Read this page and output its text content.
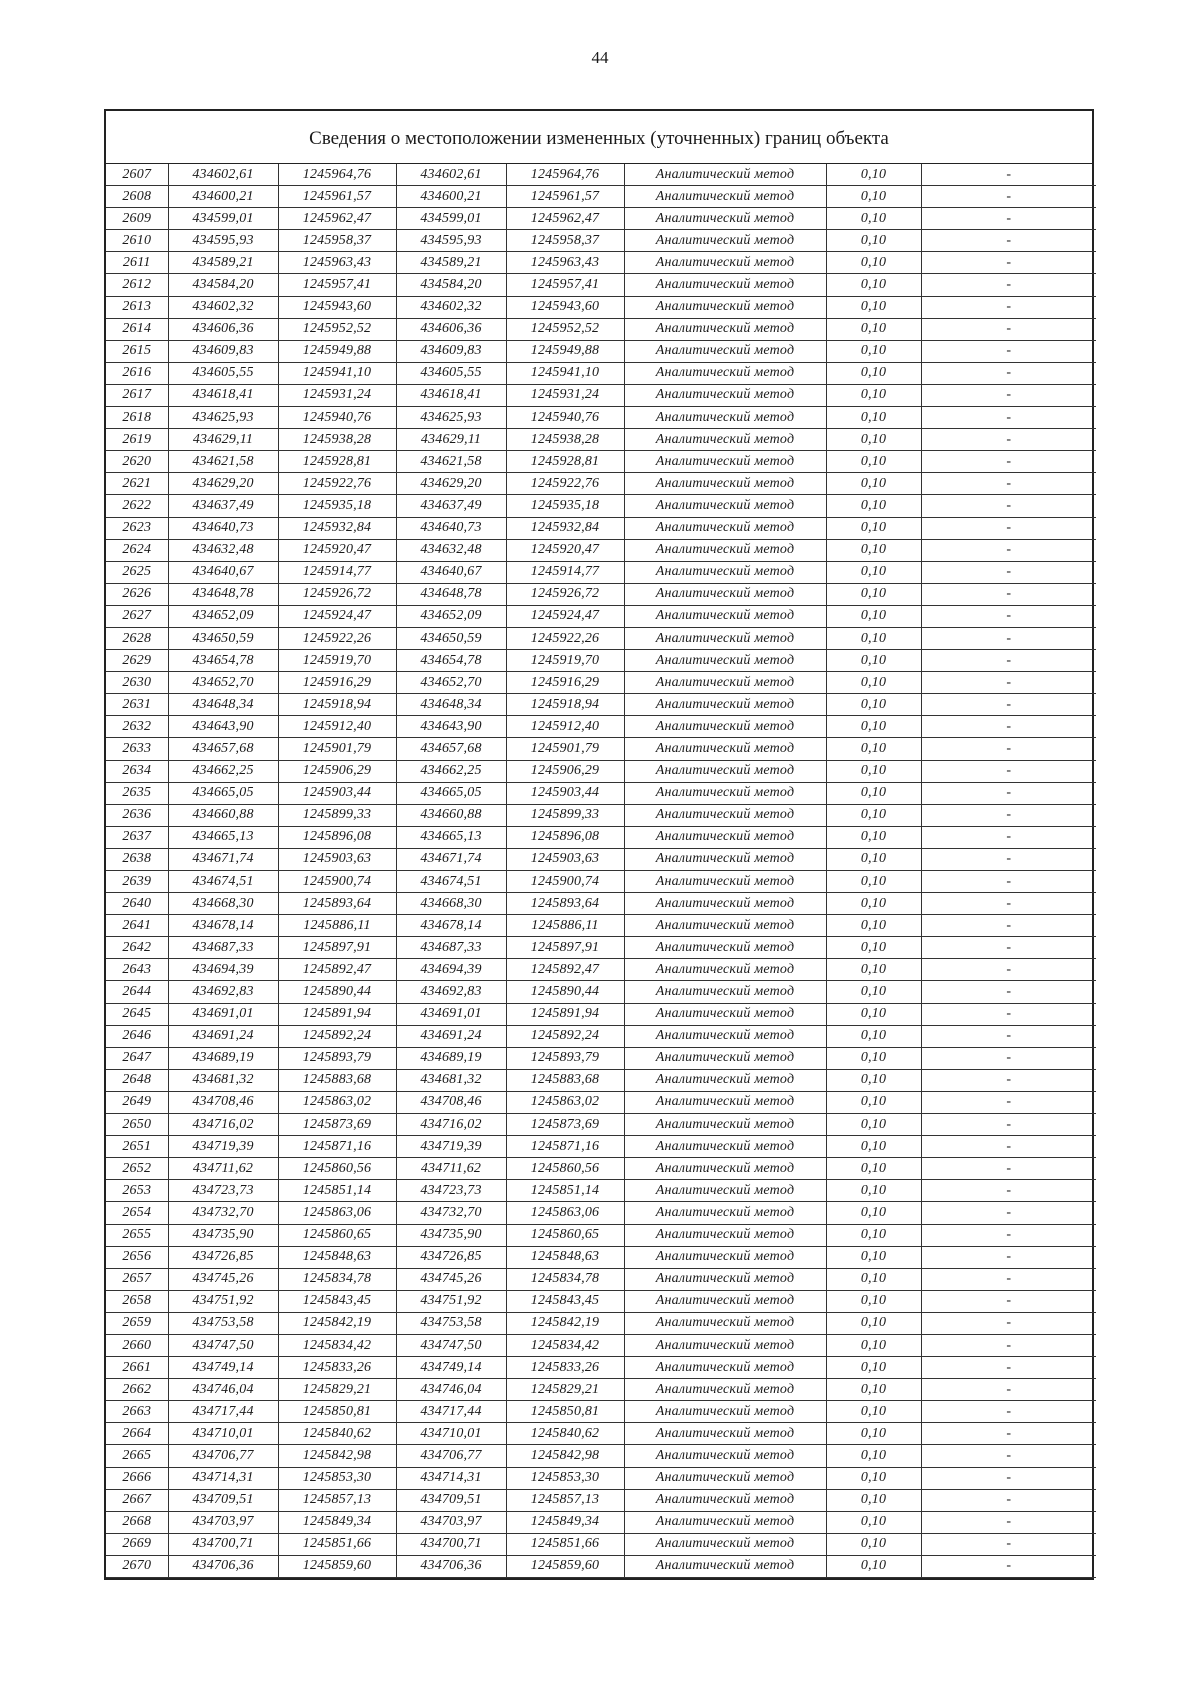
44
Сведения о местоположении измененных (уточненных) границ объекта
2607	434602,61	1245964,76	434602,61	1245964,76	Аналитический метод	0,10	-
2608	434600,21	1245961,57	434600,21	1245961,57	Аналитический метод	0,10	-
2609	434599,01	1245962,47	434599,01	1245962,47	Аналитический метод	0,10	-
2610	434595,93	1245958,37	434595,93	1245958,37	Аналитический метод	0,10	-
2611	434589,21	1245963,43	434589,21	1245963,43	Аналитический метод	0,10	-
2612	434584,20	1245957,41	434584,20	1245957,41	Аналитический метод	0,10	-
2613	434602,32	1245943,60	434602,32	1245943,60	Аналитический метод	0,10	-
2614	434606,36	1245952,52	434606,36	1245952,52	Аналитический метод	0,10	-
2615	434609,83	1245949,88	434609,83	1245949,88	Аналитический метод	0,10	-
2616	434605,55	1245941,10	434605,55	1245941,10	Аналитический метод	0,10	-
2617	434618,41	1245931,24	434618,41	1245931,24	Аналитический метод	0,10	-
2618	434625,93	1245940,76	434625,93	1245940,76	Аналитический метод	0,10	-
2619	434629,11	1245938,28	434629,11	1245938,28	Аналитический метод	0,10	-
2620	434621,58	1245928,81	434621,58	1245928,81	Аналитический метод	0,10	-
2621	434629,20	1245922,76	434629,20	1245922,76	Аналитический метод	0,10	-
2622	434637,49	1245935,18	434637,49	1245935,18	Аналитический метод	0,10	-
2623	434640,73	1245932,84	434640,73	1245932,84	Аналитический метод	0,10	-
2624	434632,48	1245920,47	434632,48	1245920,47	Аналитический метод	0,10	-
2625	434640,67	1245914,77	434640,67	1245914,77	Аналитический метод	0,10	-
2626	434648,78	1245926,72	434648,78	1245926,72	Аналитический метод	0,10	-
2627	434652,09	1245924,47	434652,09	1245924,47	Аналитический метод	0,10	-
2628	434650,59	1245922,26	434650,59	1245922,26	Аналитический метод	0,10	-
2629	434654,78	1245919,70	434654,78	1245919,70	Аналитический метод	0,10	-
2630	434652,70	1245916,29	434652,70	1245916,29	Аналитический метод	0,10	-
2631	434648,34	1245918,94	434648,34	1245918,94	Аналитический метод	0,10	-
2632	434643,90	1245912,40	434643,90	1245912,40	Аналитический метод	0,10	-
2633	434657,68	1245901,79	434657,68	1245901,79	Аналитический метод	0,10	-
2634	434662,25	1245906,29	434662,25	1245906,29	Аналитический метод	0,10	-
2635	434665,05	1245903,44	434665,05	1245903,44	Аналитический метод	0,10	-
2636	434660,88	1245899,33	434660,88	1245899,33	Аналитический метод	0,10	-
2637	434665,13	1245896,08	434665,13	1245896,08	Аналитический метод	0,10	-
2638	434671,74	1245903,63	434671,74	1245903,63	Аналитический метод	0,10	-
2639	434674,51	1245900,74	434674,51	1245900,74	Аналитический метод	0,10	-
2640	434668,30	1245893,64	434668,30	1245893,64	Аналитический метод	0,10	-
2641	434678,14	1245886,11	434678,14	1245886,11	Аналитический метод	0,10	-
2642	434687,33	1245897,91	434687,33	1245897,91	Аналитический метод	0,10	-
2643	434694,39	1245892,47	434694,39	1245892,47	Аналитический метод	0,10	-
2644	434692,83	1245890,44	434692,83	1245890,44	Аналитический метод	0,10	-
2645	434691,01	1245891,94	434691,01	1245891,94	Аналитический метод	0,10	-
2646	434691,24	1245892,24	434691,24	1245892,24	Аналитический метод	0,10	-
2647	434689,19	1245893,79	434689,19	1245893,79	Аналитический метод	0,10	-
2648	434681,32	1245883,68	434681,32	1245883,68	Аналитический метод	0,10	-
2649	434708,46	1245863,02	434708,46	1245863,02	Аналитический метод	0,10	-
2650	434716,02	1245873,69	434716,02	1245873,69	Аналитический метод	0,10	-
2651	434719,39	1245871,16	434719,39	1245871,16	Аналитический метод	0,10	-
2652	434711,62	1245860,56	434711,62	1245860,56	Аналитический метод	0,10	-
2653	434723,73	1245851,14	434723,73	1245851,14	Аналитический метод	0,10	-
2654	434732,70	1245863,06	434732,70	1245863,06	Аналитический метод	0,10	-
2655	434735,90	1245860,65	434735,90	1245860,65	Аналитический метод	0,10	-
2656	434726,85	1245848,63	434726,85	1245848,63	Аналитический метод	0,10	-
2657	434745,26	1245834,78	434745,26	1245834,78	Аналитический метод	0,10	-
2658	434751,92	1245843,45	434751,92	1245843,45	Аналитический метод	0,10	-
2659	434753,58	1245842,19	434753,58	1245842,19	Аналитический метод	0,10	-
2660	434747,50	1245834,42	434747,50	1245834,42	Аналитический метод	0,10	-
2661	434749,14	1245833,26	434749,14	1245833,26	Аналитический метод	0,10	-
2662	434746,04	1245829,21	434746,04	1245829,21	Аналитический метод	0,10	-
2663	434717,44	1245850,81	434717,44	1245850,81	Аналитический метод	0,10	-
2664	434710,01	1245840,62	434710,01	1245840,62	Аналитический метод	0,10	-
2665	434706,77	1245842,98	434706,77	1245842,98	Аналитический метод	0,10	-
2666	434714,31	1245853,30	434714,31	1245853,30	Аналитический метод	0,10	-
2667	434709,51	1245857,13	434709,51	1245857,13	Аналитический метод	0,10	-
2668	434703,97	1245849,34	434703,97	1245849,34	Аналитический метод	0,10	-
2669	434700,71	1245851,66	434700,71	1245851,66	Аналитический метод	0,10	-
2670	434706,36	1245859,60	434706,36	1245859,60	Аналитический метод	0,10	-
